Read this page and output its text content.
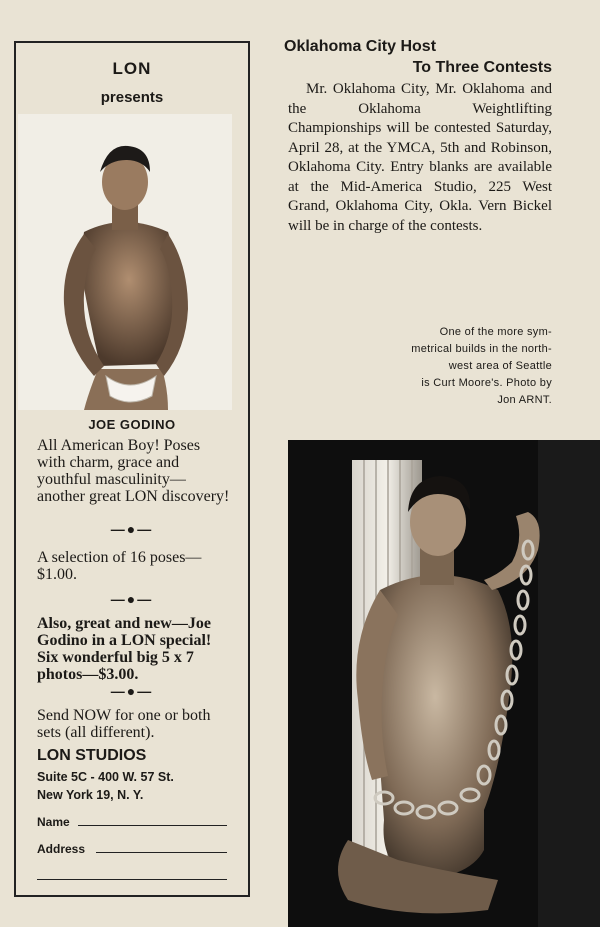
LON
presents
JOE GODINO
All American Boy! Poses with charm, grace and youthful masculinity—another great LON discovery!
—●—
A selection of 16 poses—$1.00.
—●—
Also, great and new—Joe Godino in a LON special! Six wonderful big 5 x 7 photos—$3.00.
—●—
Send NOW for one or both sets (all different).
LON STUDIOS
Suite 5C - 400 W. 57 St.
New York 19, N. Y.
Name
Address
Oklahoma City Host
To Three Contests
Mr. Oklahoma City, Mr. Oklahoma and the Oklahoma Weightlifting Championships will be contested Saturday, April 28, at the YMCA, 5th and Robinson, Oklahoma City. Entry blanks are available at the Mid-America Studio, 225 West Grand, Oklahoma City, Okla. Vern Bickel will be in charge of the contests.
One of the more sym-
metrical builds in the north-
west area of Seattle
is Curt Moore's. Photo by
Jon ARNT.
